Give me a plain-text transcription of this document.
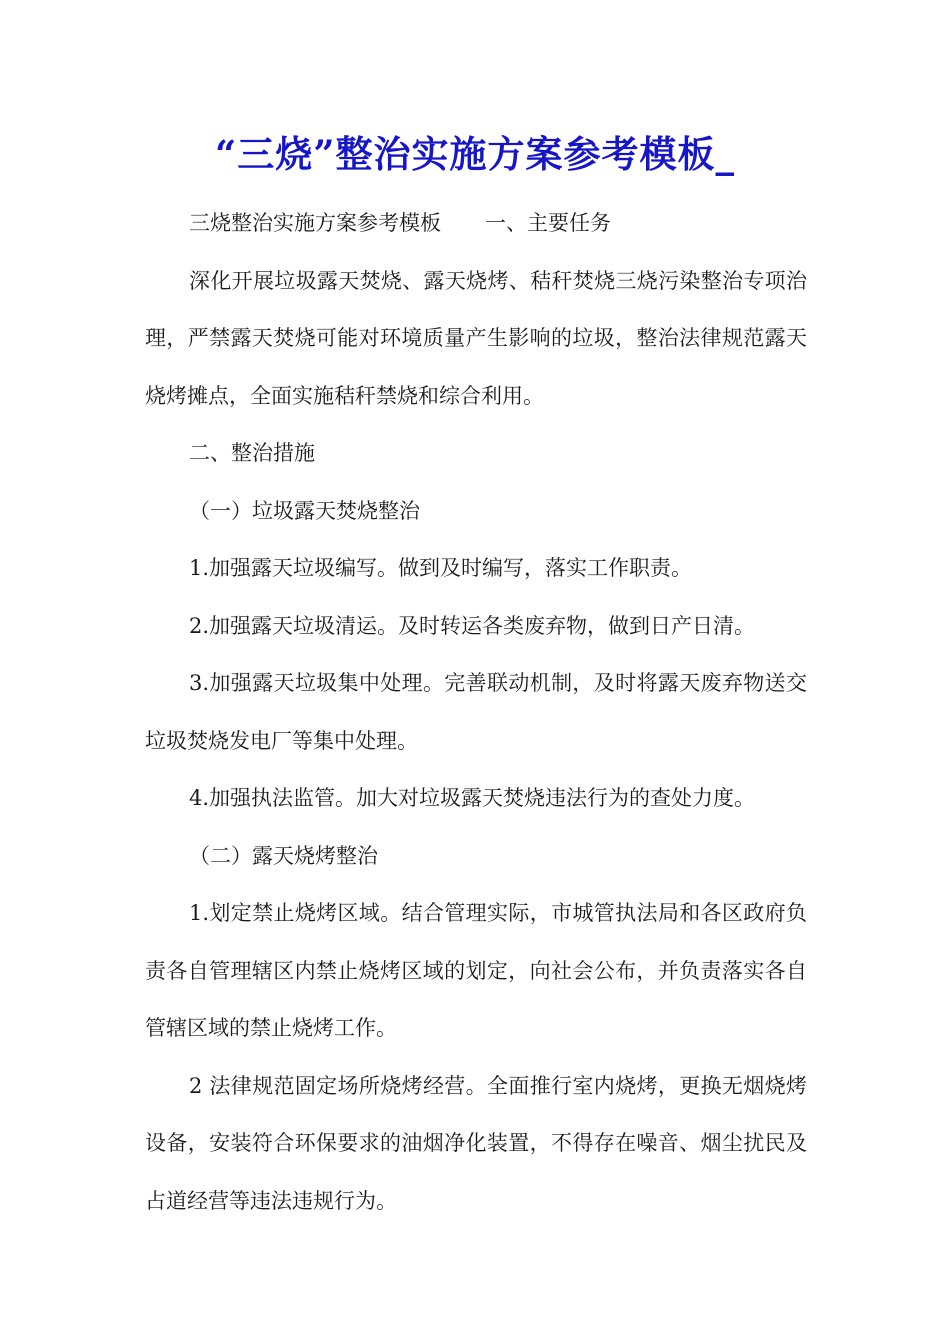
“三烧”整治实施方案参考模板_

三烧整治实施方案参考模板 一、主要任务

深化开展垃圾露天焚烧、露天烧烤、秸秆焚烧三烧污染整治专项治理，严禁露天焚烧可能对环境质量产生影响的垃圾，整治法律规范露天烧烤摊点，全面实施秸秆禁烧和综合利用。

二、整治措施

（一）垃圾露天焚烧整治

1.加强露天垃圾编写。做到及时编写，落实工作职责。

2.加强露天垃圾清运。及时转运各类废弃物，做到日产日清。

3.加强露天垃圾集中处理。完善联动机制，及时将露天废弃物送交垃圾焚烧发电厂等集中处理。

4.加强执法监管。加大对垃圾露天焚烧违法行为的查处力度。

（二）露天烧烤整治

1.划定禁止烧烤区域。结合管理实际，市城管执法局和各区政府负责各自管理辖区内禁止烧烤区域的划定，向社会公布，并负责落实各自管辖区域的禁止烧烤工作。

2 法律规范固定场所烧烤经营。全面推行室内烧烤，更换无烟烧烤设备，安装符合环保要求的油烟净化装置，不得存在噪音、烟尘扰民及占道经营等违法违规行为。
